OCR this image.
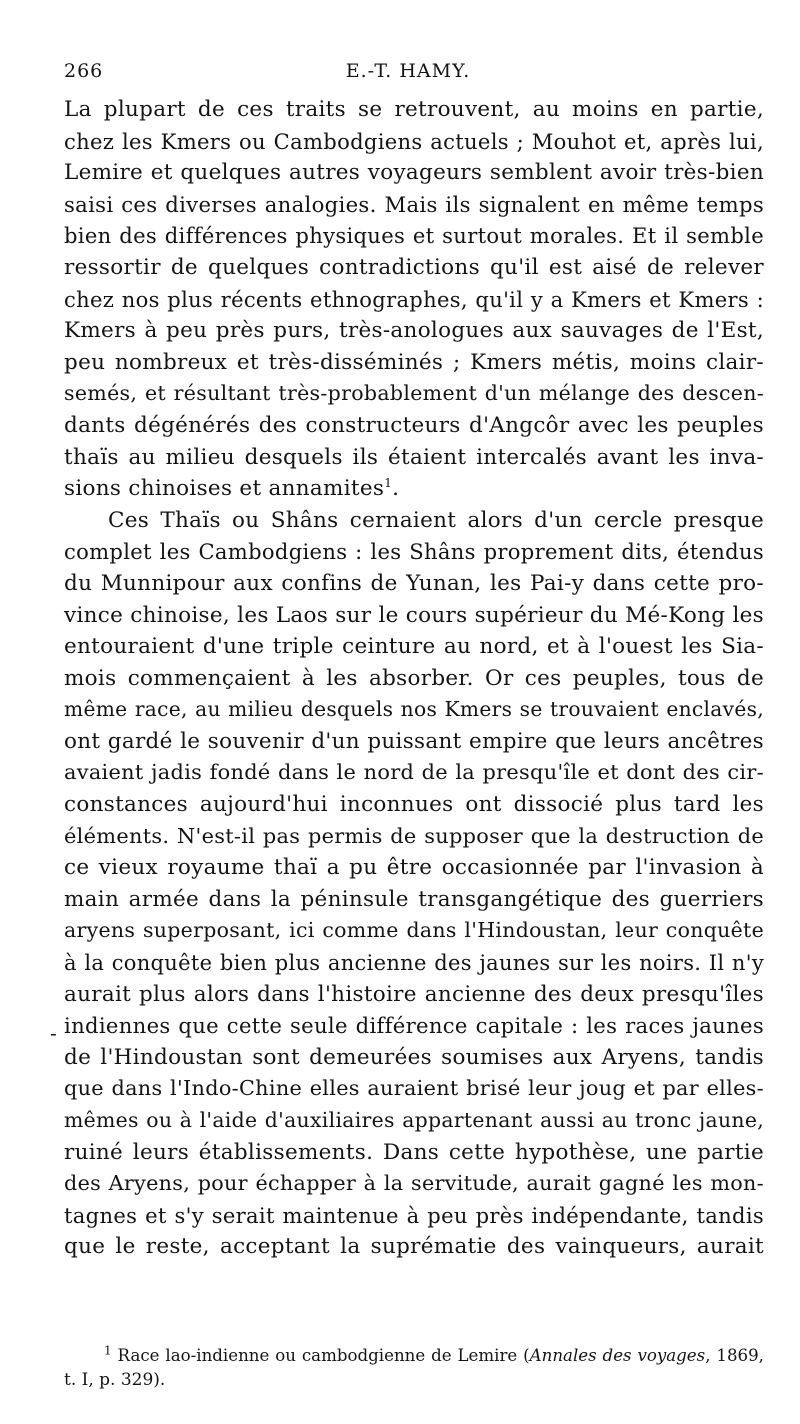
266	E.-T. HAMY.
La plupart de ces traits se retrouvent, au moins en partie,
chez les Kmers ou Cambodgiens actuels ; Mouhot et, après lui,
Lemire et quelques autres voyageurs semblent avoir très-bien
saisi ces diverses analogies. Mais ils signalent en même temps
bien des différences physiques et surtout morales. Et il semble
ressortir de quelques contradictions qu'il est aisé de relever
chez nos plus récents ethnographes, qu'il y a Kmers et Kmers :
Kmers à peu près purs, très-anologues aux sauvages de l'Est,
peu nombreux et très-disséminés ; Kmers métis, moins clair-
semés, et résultant très-probablement d'un mélange des descen-
dants dégénérés des constructeurs d'Angcôr avec les peuples
thaïs au milieu desquels ils étaient intercalés avant les inva-
sions chinoises et annamites$^1$.
Ces Thaïs ou Shâns cernaient alors d'un cercle presque
complet les Cambodgiens : les Shâns proprement dits, étendus
du Munnipour aux confins de Yunan, les Pai-y dans cette pro-
vince chinoise, les Laos sur le cours supérieur du Mé-Kong les
entouraient d'une triple ceinture au nord, et à l'ouest les Sia-
mois commençaient à les absorber. Or ces peuples, tous de
même race, au milieu desquels nos Kmers se trouvaient enclavés,
ont gardé le souvenir d'un puissant empire que leurs ancêtres
avaient jadis fondé dans le nord de la presqu'île et dont des cir-
constances aujourd'hui inconnues ont dissocié plus tard les
éléments. N'est-il pas permis de supposer que la destruction de
ce vieux royaume thaï a pu être occasionnée par l'invasion à
main armée dans la péninsule transgangétique des guerriers
aryens superposant, ici comme dans l'Hindoustan, leur conquête
à la conquête bien plus ancienne des jaunes sur les noirs. Il n'y
aurait plus alors dans l'histoire ancienne des deux presqu'îles
indiennes que cette seule différence capitale : les races jaunes
de l'Hindoustan sont demeurées soumises aux Aryens, tandis
que dans l'Indo-Chine elles auraient brisé leur joug et par elles-
mêmes ou à l'aide d'auxiliaires appartenant aussi au tronc jaune,
ruiné leurs établissements. Dans cette hypothèse, une partie
des Aryens, pour échapper à la servitude, aurait gagné les mon-
tagnes et s'y serait maintenue à peu près indépendante, tandis
que le reste, acceptant la suprématie des vainqueurs, aurait
-
$^1$ Race lao-indienne ou cambodgienne de Lemire (Annales des voyages, 1869,
t. I, p. 329).
